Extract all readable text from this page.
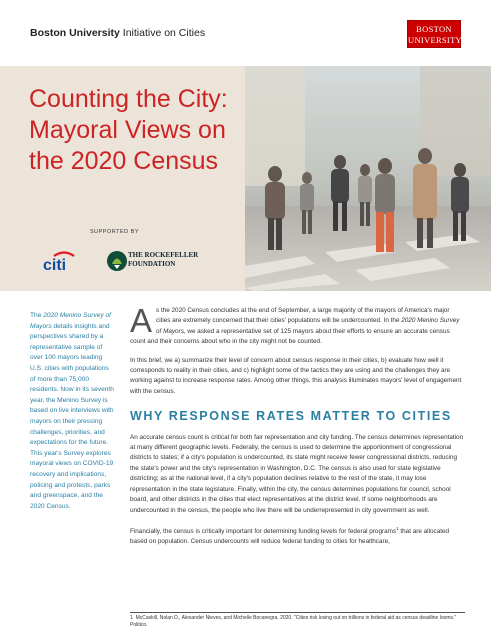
Boston University Initiative on Cities	BOSTON
UNIVERSITY
Counting the City: Mayoral Views on the 2020 Census
SUPPORTED BY
citi
THE ROCKEFELLER
FOUNDATION
The 2020 Menino Survey of Mayors details insights and perspectives shared by a representative sample of over 100 mayors leading U.S. cities with populations of more than 75,000 residents. Now in its seventh year, the Menino Survey is based on live interviews with mayors on their pressing challenges, priorities, and expectations for the future. This year's Survey explores mayoral views on COVID-19 recovery and implications, policing and protests, parks and greenspace, and the 2020 Census.

As the 2020 Census concludes at the end of September, a large majority of the mayors of America's major cities are extremely concerned that their cities' populations will be undercounted. In the 2020 Menino Survey of Mayors, we asked a representative set of 125 mayors about their efforts to ensure an accurate census count and their concerns about who in the city might not be counted.

In this brief, we a) summarize their level of concern about census response in their cities, b) evaluate how well it corresponds to reality in their cities, and c) highlight some of the tactics they are using and the challenges they are working against to increase response rates. Among other things, this analysis illuminates mayors' level of engagement with the census.

WHY RESPONSE RATES MATTER TO CITIES

An accurate census count is critical for both fair representation and city funding. The census determines representation at many different geographic levels. Federally, the census is used to determine the apportionment of congressional districts to states; if a city's population is undercounted, its state might receive fewer congressional districts, reducing the state's power and the city's representation in Washington, D.C. The census is also used for state legislative districting; as at the national level, if a city's population declines relative to the rest of the state, it may lose representation in the state legislature. Finally, within the city, the census determines populations for council, school board, and other districts in the cities that elect representatives at the district level. If some neighborhoods are undercounted in the census, the people who live there will be underrepresented in city government as well.

Financially, the census is critically important for determining funding levels for federal programs$^1$ that are allocated based on population. Census undercounts will reduce federal funding to cities for healthcare,

1 McCaskill, Nolan D., Alexander Nieves, and Michelle Bocanegra. 2020. "Cities risk losing out on trillions in federal aid as census deadline looms." Politico.
